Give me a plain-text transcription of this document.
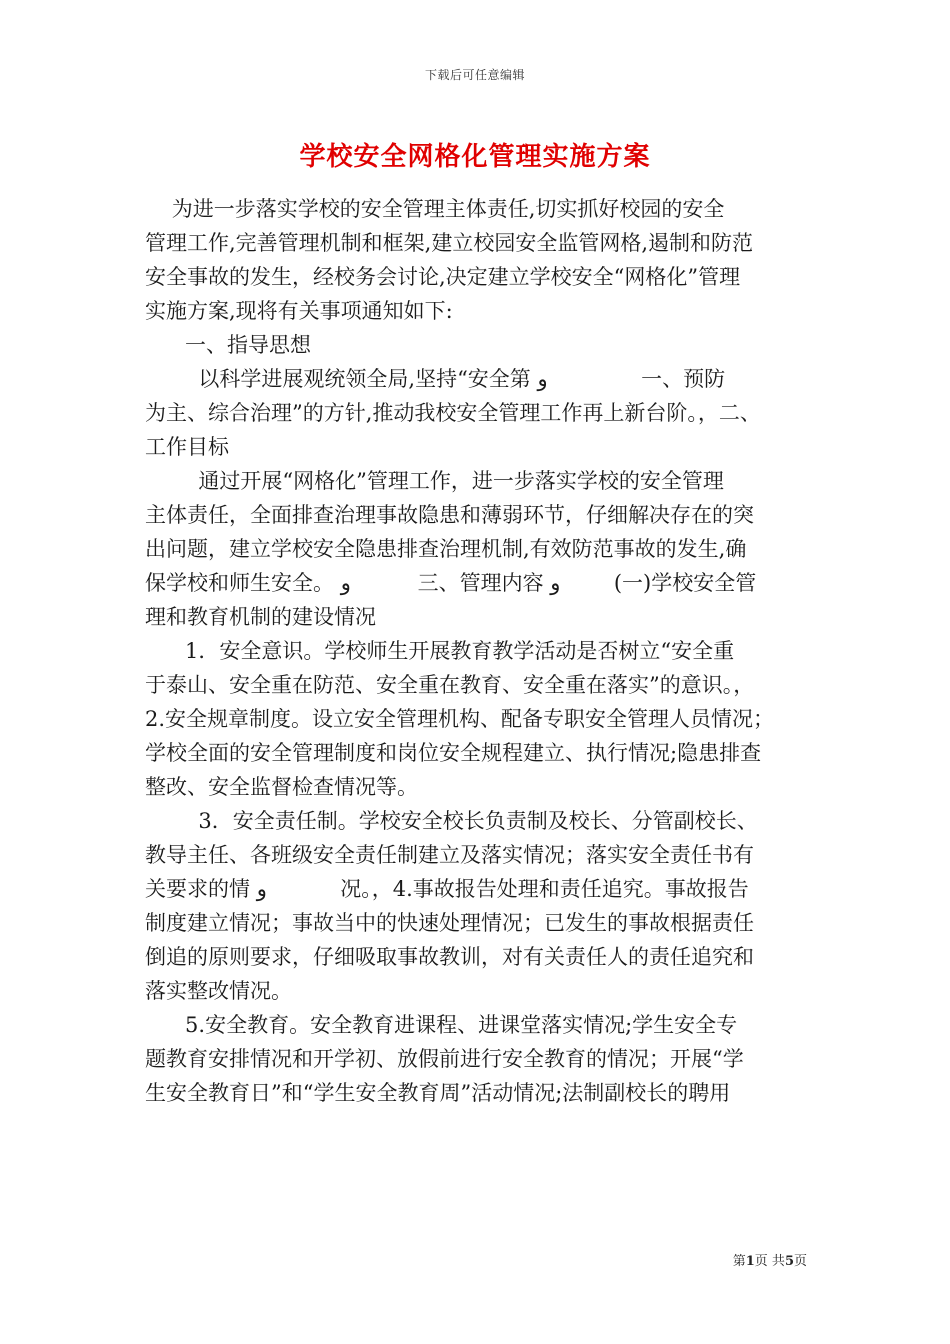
下载后可任意编辑
学校安全网格化管理实施方案
为进一步落实学校的安全管理主体责任,切实抓好校园的安全
管理工作,完善管理机制和框架,建立校园安全监管网格,遏制和防范
安全事故的发生，经校务会讨论,决定建立学校安全“网格化”管理
实施方案,现将有关事项通知如下:
一、指导思想
以科学进展观统领全局,坚持“安全第 و              一、预防
为主、综合治理”的方针,推动我校安全管理工作再上新台阶。，二、
工作目标
通过开展“网格化”管理工作，进一步落实学校的安全管理
主体责任，全面排查治理事故隐患和薄弱环节，仔细解决存在的突
出问题，建立学校安全隐患排查治理机制,有效防范事故的发生,确
保学校和师生安全。 و          三、管理内容 و        (一)学校安全管
理和教育机制的建设情况
1．安全意识。学校师生开展教育教学活动是否树立“安全重
于泰山、安全重在防范、安全重在教育、安全重在落实”的意识。，
2.安全规章制度。设立安全管理机构、配备专职安全管理人员情况；
学校全面的安全管理制度和岗位安全规程建立、执行情况;隐患排查
整改、安全监督检查情况等。
3．安全责任制。学校安全校长负责制及校长、分管副校长、
教导主任、各班级安全责任制建立及落实情况；落实安全责任书有
关要求的情 و           况。，4.事故报告处理和责任追究。事故报告
制度建立情况；事故当中的快速处理情况；已发生的事故根据责任
倒追的原则要求，仔细吸取事故教训，对有关责任人的责任追究和
落实整改情况。
5.安全教育。安全教育进课程、进课堂落实情况;学生安全专
题教育安排情况和开学初、放假前进行安全教育的情况；开展“学
生安全教育日”和“学生安全教育周”活动情况;法制副校长的聘用
第1页 共5页
